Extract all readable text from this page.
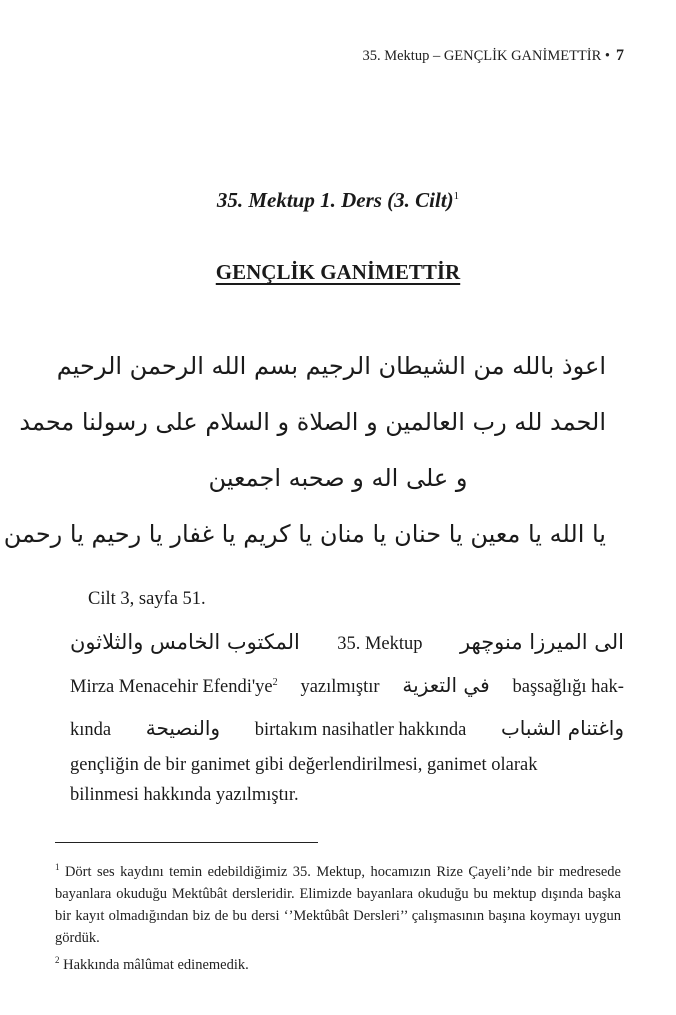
35. Mektup – GENÇLİK GANİMETTİR • 7
35. Mektup 1. Ders (3. Cilt)$^1$
GENÇLİK GANİMETTİR
اعوذ بالله من الشيطان الرجيم بسم الله الرحمن الرحيم
الحمد لله رب العالمين و الصلاة و السلام على رسولنا محمد
و على اله و صحبه اجمعين
يا الله يا معين يا حنان يا منان يا كريم يا غفار يا رحيم يا رحمن
Cilt 3, sayfa 51.
المكتوب الخامس والثلاثون 35. Mektup الى الميرزا منوچهر
Mirza Menacehir Efendi'ye$^2$ yazılmıştır في التعزية başsağlığı hak-
kında والنصيحة birtakım nasihatler hakkında واغتنام الشباب
gençliğin de bir ganimet gibi değerlendirilmesi, ganimet olarak
bilinmesi hakkında yazılmıştır.

$^1$ Dört ses kaydını temin edebildiğimiz 35. Mektup, hocamızın Rize Çayeli’nde bir medresede bayanlara okuduğu Mektûbât dersleridir. Elimizde bayanlara okuduğu bu mektup dışında başka bir kayıt olmadığından biz de bu dersi ‘’Mektûbât Dersleri’’ çalışmasının başına koymayı uygun gördük.

$^2$ Hakkında mâlûmat edinemedik.
